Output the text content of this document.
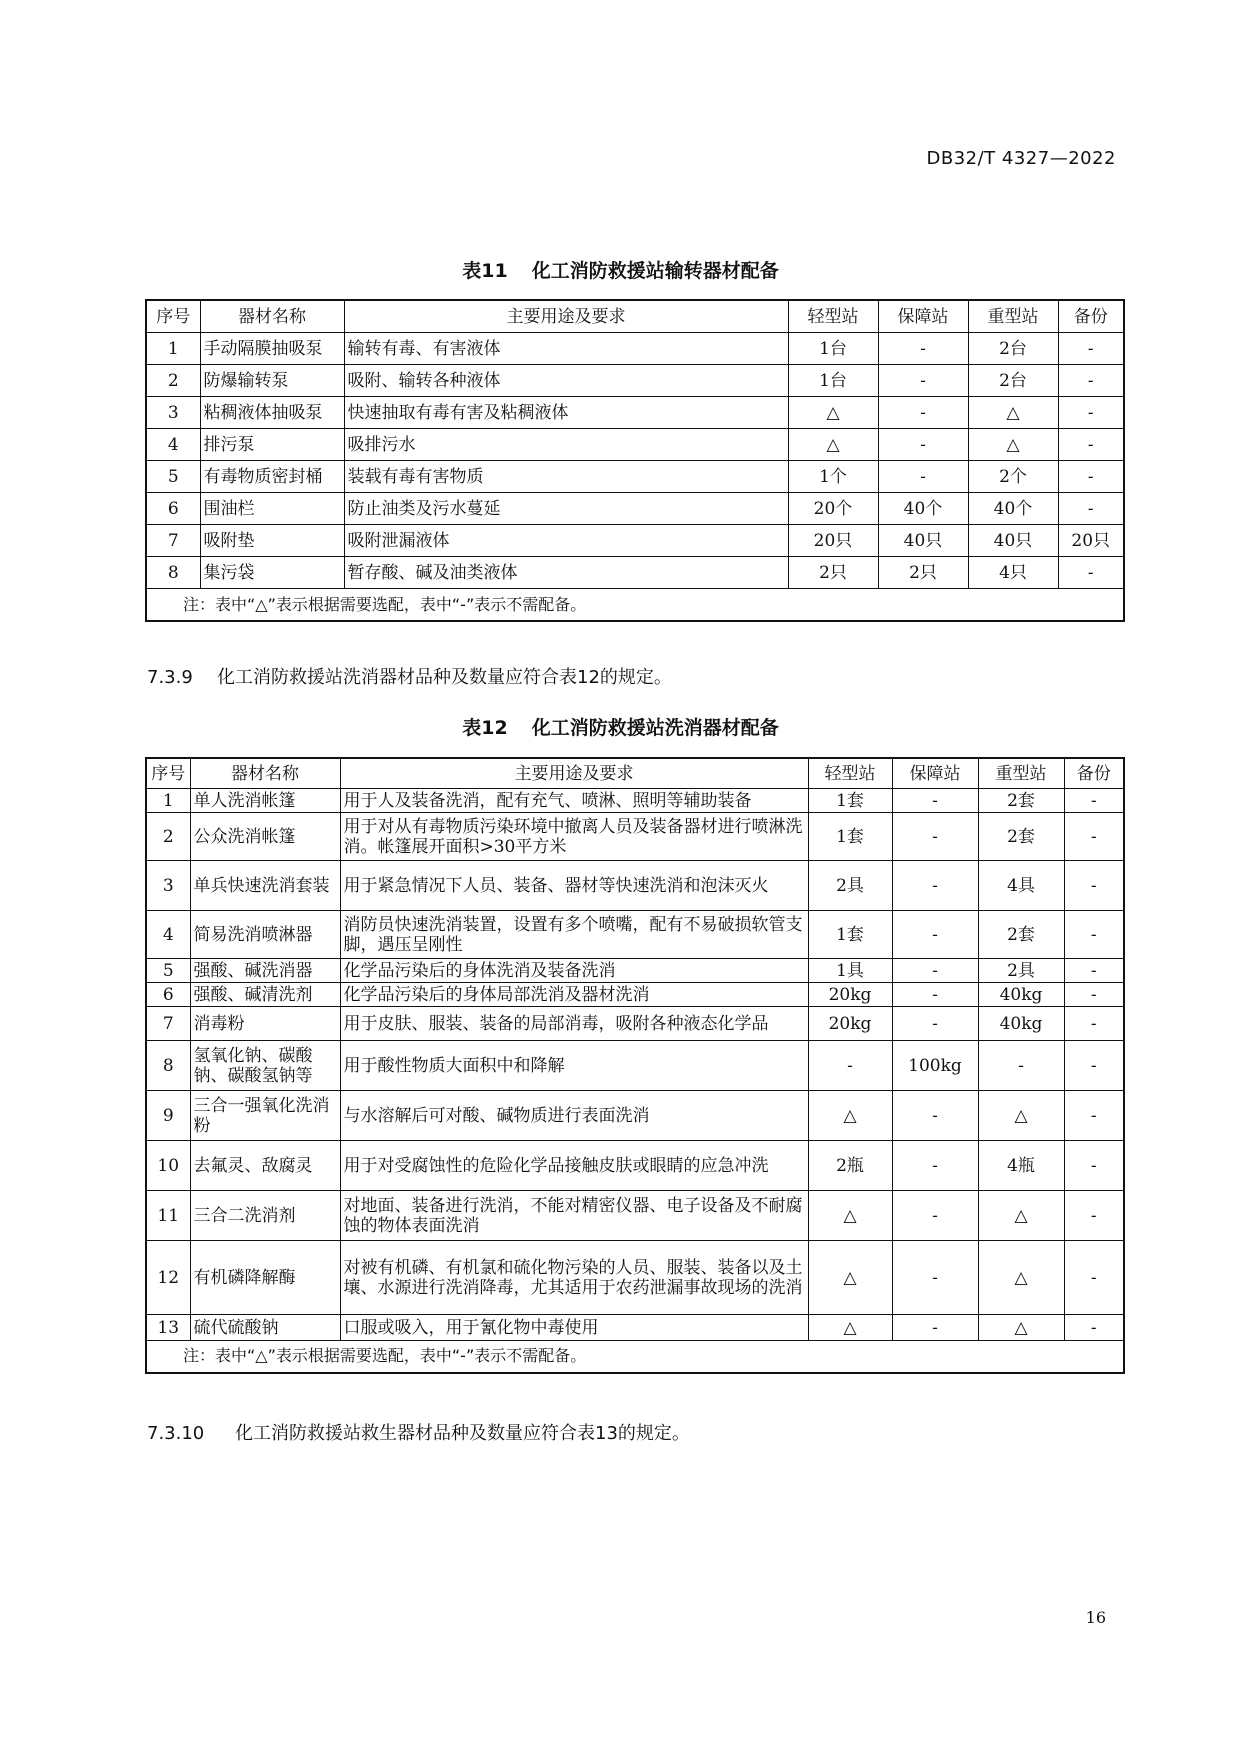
DB32/T 4327—2022
表11 化工消防救援站输转器材配备
序号	器材名称	主要用途及要求	轻型站	保障站	重型站	备份
1	手动隔膜抽吸泵	输转有毒、有害液体	1台	-	2台	-
2	防爆输转泵	吸附、输转各种液体	1台	-	2台	-
3	粘稠液体抽吸泵	快速抽取有毒有害及粘稠液体	△	-	△	-
4	排污泵	吸排污水	△	-	△	-
5	有毒物质密封桶	装载有毒有害物质	1个	-	2个	-
6	围油栏	防止油类及污水蔓延	20个	40个	40个	-
7	吸附垫	吸附泄漏液体	20只	40只	40只	20只
8	集污袋	暂存酸、碱及油类液体	2只	2只	4只	-
注：表中“△”表示根据需要选配，表中“-”表示不需配备。						
7.3.9 化工消防救援站洗消器材品种及数量应符合表12的规定。
表12 化工消防救援站洗消器材配备
序号	器材名称	主要用途及要求	轻型站	保障站	重型站	备份
1	单人洗消帐篷	用于人及装备洗消，配有充气、喷淋、照明等辅助装备	1套	-	2套	-
2	公众洗消帐篷	用于对从有毒物质污染环境中撤离人员及装备器材进行喷淋洗消。帐篷展开面积>30平方米	1套	-	2套	-
3	单兵快速洗消套装	用于紧急情况下人员、装备、器材等快速洗消和泡沫灭火	2具	-	4具	-
4	简易洗消喷淋器	消防员快速洗消装置，设置有多个喷嘴，配有不易破损软管支脚，遇压呈刚性	1套	-	2套	-
5	强酸、碱洗消器	化学品污染后的身体洗消及装备洗消	1具	-	2具	-
6	强酸、碱清洗剂	化学品污染后的身体局部洗消及器材洗消	20kg	-	40kg	-
7	消毒粉	用于皮肤、服装、装备的局部消毒，吸附各种液态化学品	20kg	-	40kg	-
8	氢氧化钠、碳酸钠、碳酸氢钠等	用于酸性物质大面积中和降解	-	100kg	-	-
9	三合一强氧化洗消粉	与水溶解后可对酸、碱物质进行表面洗消	△	-	△	-
10	去氟灵、敌腐灵	用于对受腐蚀性的危险化学品接触皮肤或眼睛的应急冲洗	2瓶	-	4瓶	-
11	三合二洗消剂	对地面、装备进行洗消，不能对精密仪器、电子设备及不耐腐蚀的物体表面洗消	△	-	△	-
12	有机磷降解酶	对被有机磷、有机氯和硫化物污染的人员、服装、装备以及土壤、水源进行洗消降毒，尤其适用于农药泄漏事故现场的洗消	△	-	△	-
13	硫代硫酸钠	口服或吸入，用于氰化物中毒使用	△	-	△	-
注：表中“△”表示根据需要选配，表中“-”表示不需配备。						
7.3.10 化工消防救援站救生器材品种及数量应符合表13的规定。
16
